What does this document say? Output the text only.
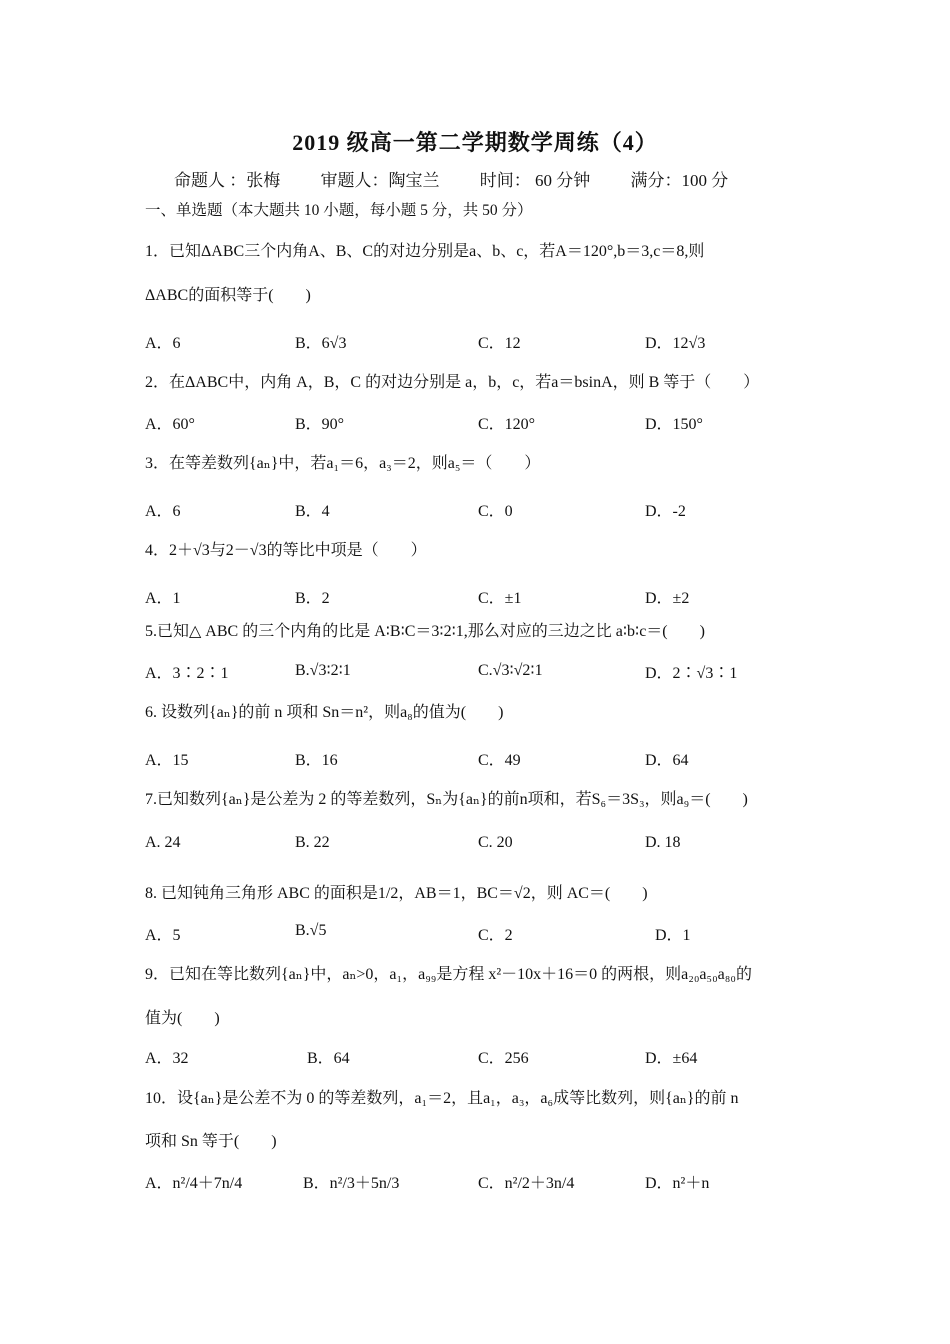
2019 级高一第二学期数学周练（4）
命题人 ：张梅 审题人：陶宝兰 时间： 60 分钟 满分：100 分
一、单选题（本大题共 10 小题，每小题 5 分，共 50 分）
1．已知ΔABC三个内角A、B、C的对边分别是a、b、c，若A＝120°,b＝3,c＝8,则
ΔABC的面积等于(　　)
A．6	B．6√3	C．12	D．12√3
2．在ΔABC中，内角 A，B，C 的对边分别是 a，b，c，若a＝bsinA，则 B 等于（　　）
A．60°	B．90°	C．120°	D．150°
3．在等差数列{aₙ}中，若a₁＝6，a₃＝2，则a₅＝（　　）
A．6	B．4	C．0	D．-2
4．2＋√3与2－√3的等比中项是（　　）
A．1	B．2	C．±1	D．±2
5.已知△ ABC 的三个内角的比是 A∶B∶C＝3∶2∶1,那么对应的三边之比 a∶b∶c＝(　　)
A．3∶2∶1	B.√3∶2∶1	C.√3∶√2∶1	D．2∶√3∶1
6. 设数列{aₙ}的前 n 项和 Sn＝n²，则a₈的值为(　　)
A．15	B．16	C．49	D．64
7.已知数列{aₙ}是公差为 2 的等差数列，Sₙ为{aₙ}的前n项和，若S₆＝3S₃，则a₉＝(　　)
A. 24	B. 22	C. 20	D. 18
8. 已知钝角三角形 ABC 的面积是1/2，AB＝1，BC＝√2，则 AC＝(　　)
A．5	B.√5	C．2	D．1
9．已知在等比数列{aₙ}中，aₙ>0，a₁，a₉₉是方程 x²－10x＋16＝0 的两根，则a₂₀a₅₀a₈₀的
值为(　　)
A．32	B．64	C．256	D．±64
10．设{aₙ}是公差不为 0 的等差数列，a₁＝2，且a₁，a₃，a₆成等比数列，则{aₙ}的前 n
项和 Sn 等于(　　)
A．n²/4＋7n/4	B．n²/3＋5n/3	C．n²/2＋3n/4	D．n²＋n
